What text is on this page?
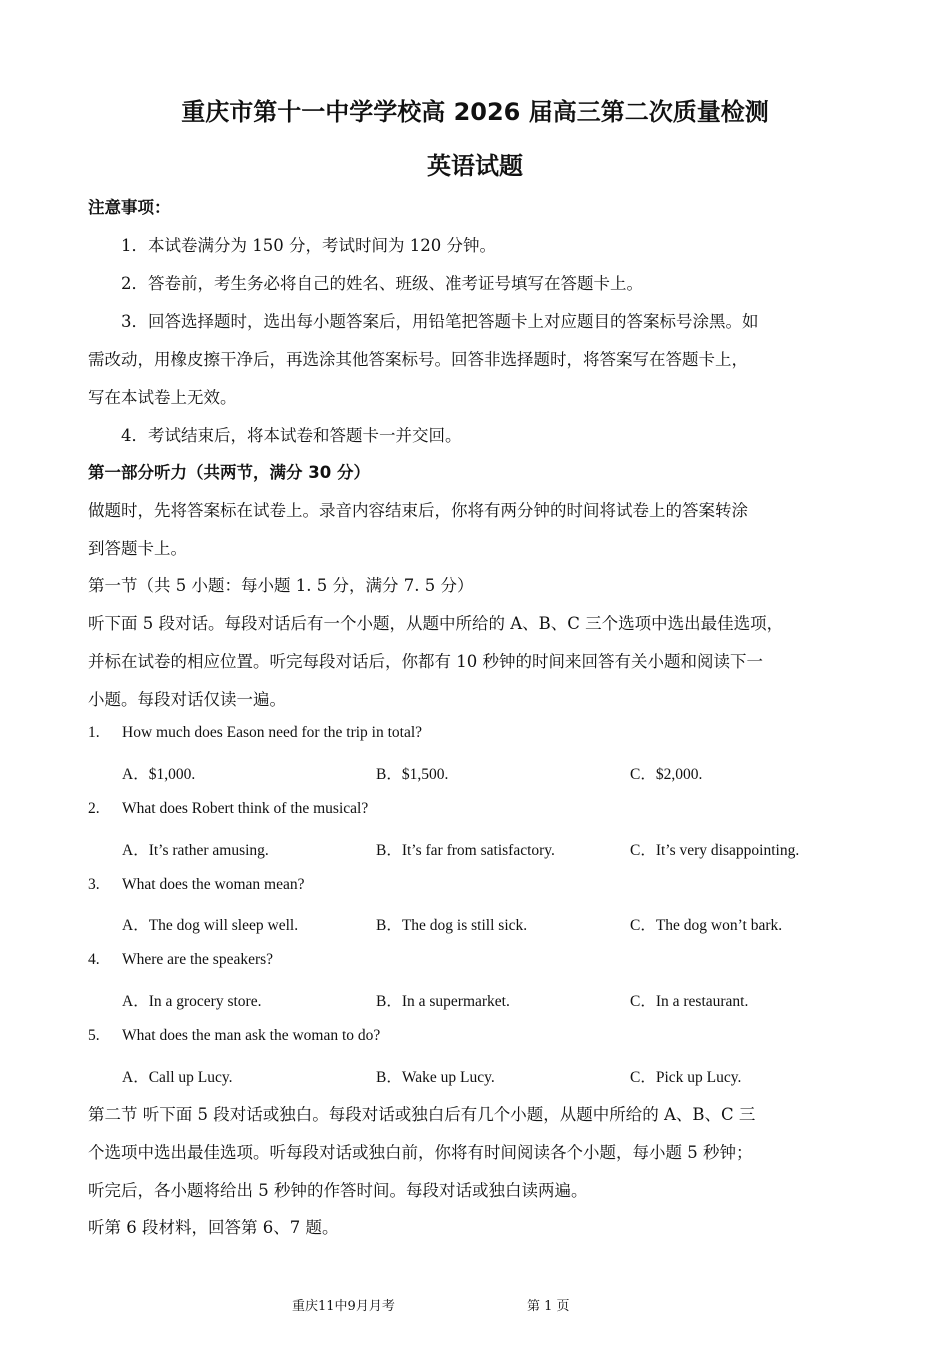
重庆市第十一中学学校高 2026 届高三第二次质量检测
英语试题
注意事项：
1．本试卷满分为 150 分，考试时间为 120 分钟。
2．答卷前，考生务必将自己的姓名、班级、准考证号填写在答题卡上。
3．回答选择题时，选出每小题答案后，用铅笔把答题卡上对应题目的答案标号涂黑。如
需改动，用橡皮擦干净后，再选涂其他答案标号。回答非选择题时，将答案写在答题卡上，
写在本试卷上无效。
4．考试结束后，将本试卷和答题卡一并交回。
第一部分听力（共两节，满分 30 分）
做题时，先将答案标在试卷上。录音内容结束后，你将有两分钟的时间将试卷上的答案转涂
到答题卡上。
第一节（共 5 小题：每小题 1. 5 分，满分 7. 5 分）
听下面 5 段对话。每段对话后有一个小题，从题中所给的 A、B、C 三个选项中选出最佳选项，
并标在试卷的相应位置。听完每段对话后，你都有 10 秒钟的时间来回答有关小题和阅读下一
小题。每段对话仅读一遍。
1. How much does Eason need for the trip in total?
A．$1,000.	B．$1,500.	C．$2,000.
2. What does Robert think of the musical?
A．It’s rather amusing.	B．It’s far from satisfactory.	C．It’s very disappointing.
3. What does the woman mean?
A．The dog will sleep well.	B．The dog is still sick.	C．The dog won’t bark.
4. Where are the speakers?
A．In a grocery store.	B．In a supermarket.	C．In a restaurant.
5. What does the man ask the woman to do?
A．Call up Lucy.	B．Wake up Lucy.	C．Pick up Lucy.
第二节 听下面 5 段对话或独白。每段对话或独白后有几个小题，从题中所给的 A、B、C 三
个选项中选出最佳选项。听每段对话或独白前，你将有时间阅读各个小题，每小题 5 秒钟；
听完后，各小题将给出 5 秒钟的作答时间。每段对话或独白读两遍。
听第 6 段材料，回答第 6、7 题。
重庆11中9月月考	第 1 页
